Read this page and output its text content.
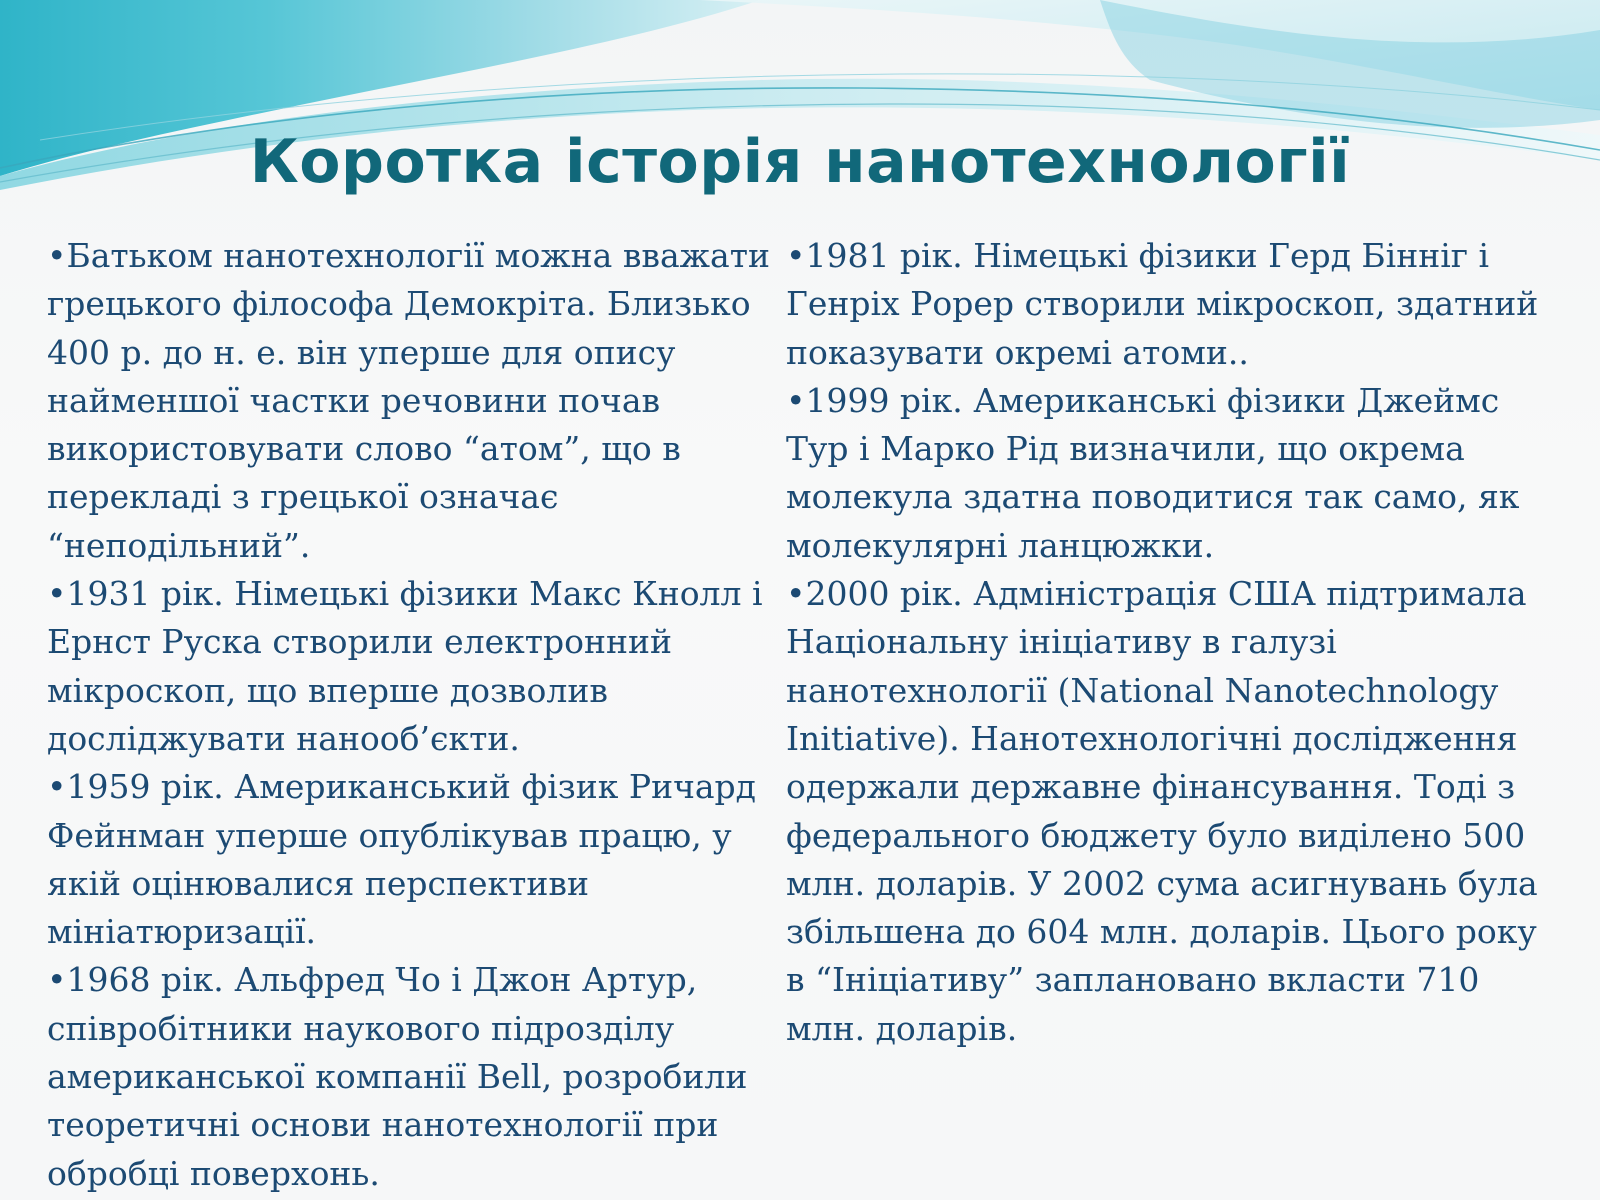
Коротка історія нанотехнології

•Батьком нанотехнології можна вважати грецького філософа Демокріта. Близько 400 р. до н. е. він уперше для опису найменшої частки речовини почав використовувати слово “атом”, що в перекладі з грецької означає “неподільний”.

•1931 рік. Німецькі фізики Макс Кнолл і Ернст Руска створили електронний мікроскоп, що вперше дозволив досліджувати нанооб’єкти.

•1959 рік. Американський фізик Ричард Фейнман уперше опублікував працю, у якій оцінювалися перспективи мініатюризації.

•1968 рік. Альфред Чо і Джон Артур, співробітники наукового підрозділу американської компанії Bell, розробили теоретичні основи нанотехнології при обробці поверхонь.

•1981 рік. Німецькі фізики Герд Бінніг і Генріх Рорер створили мікроскоп, здатний показувати окремі атоми..

•1999 рік. Американські фізики Джеймс Тур і Марко Рід визначили, що окрема молекула здатна поводитися так само, як молекулярні ланцюжки.

•2000 рік. Адміністрація США підтримала Національну ініціативу в галузі нанотехнології (National Nanotechnology Initiative). Нанотехнологічні дослідження одержали державне фінансування. Тоді з федерального бюджету було виділено 500 млн. доларів. У 2002 сума асигнувань була збільшена до 604 млн. доларів. Цього року в “Ініціативу” заплановано вкласти 710 млн. доларів.
